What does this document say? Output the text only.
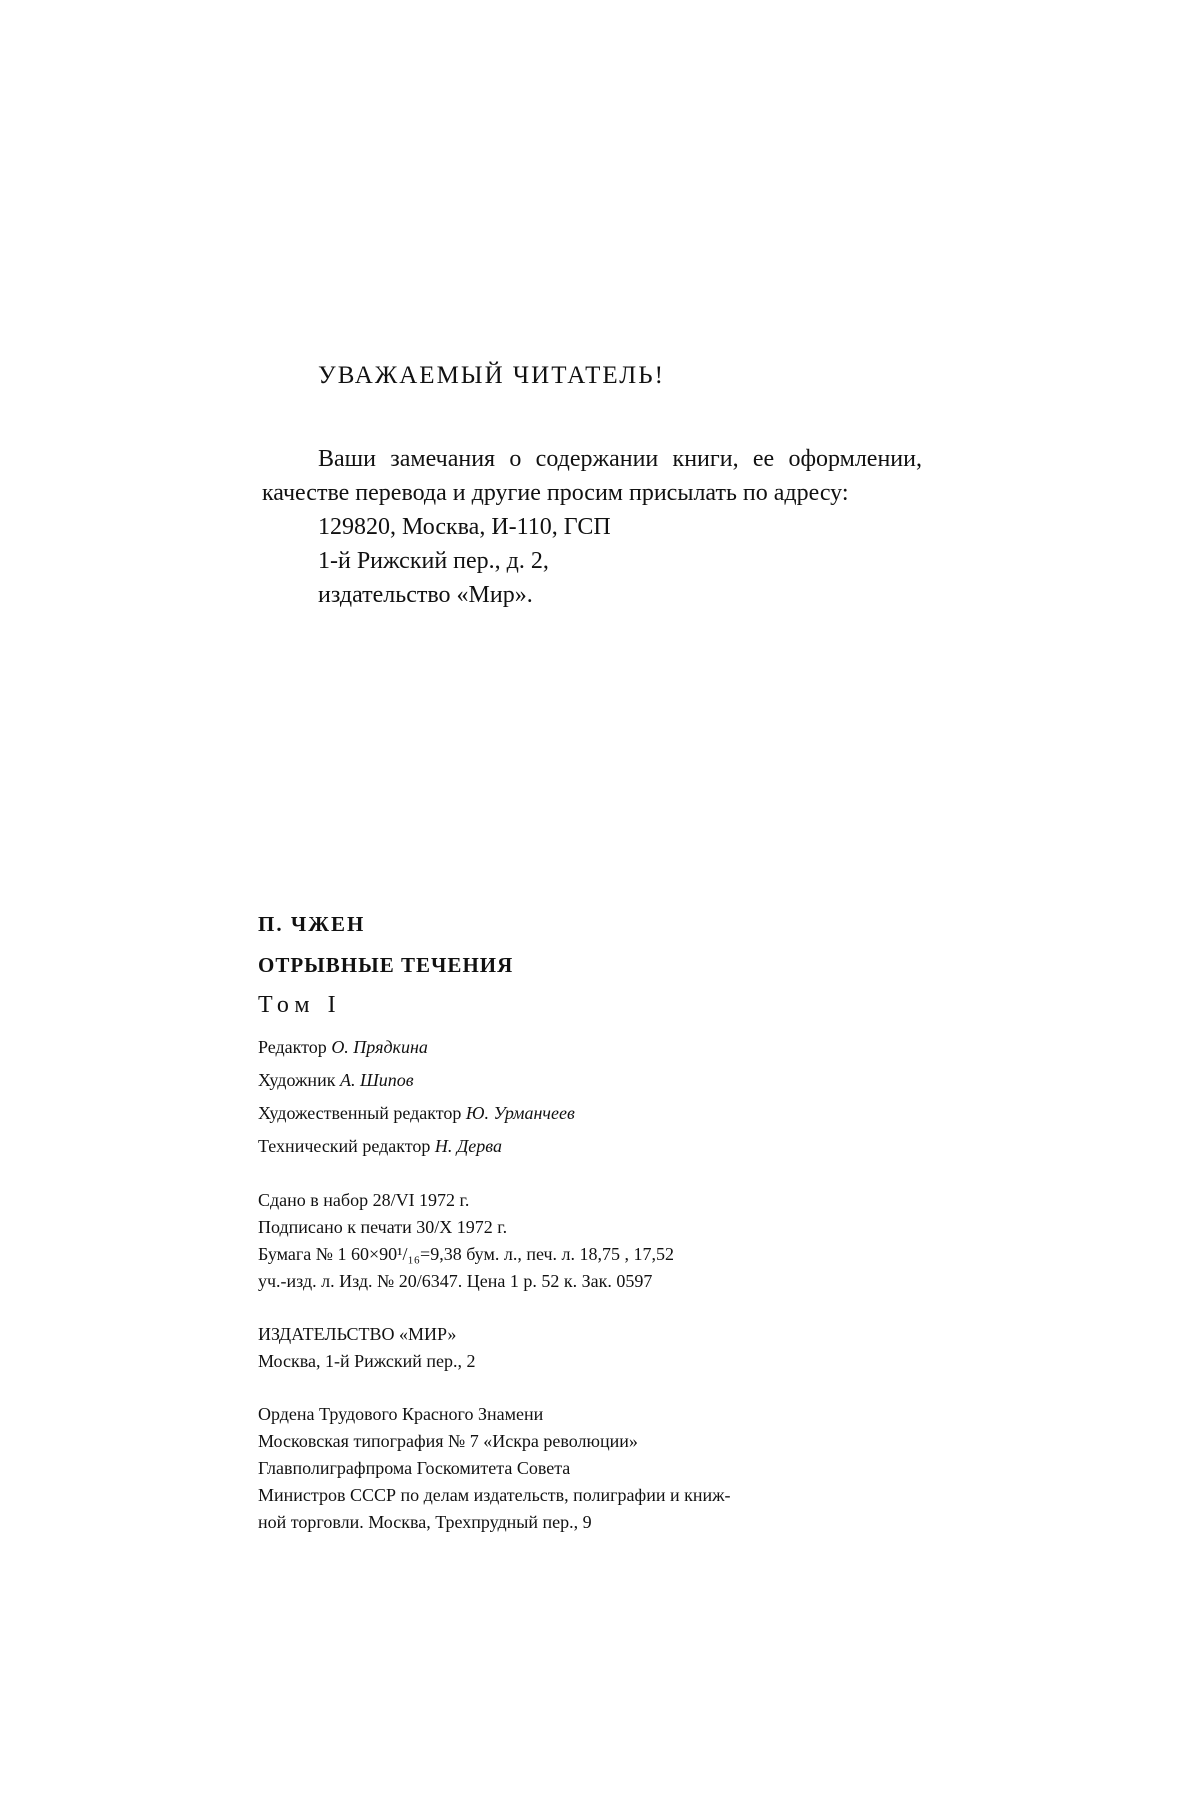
УВАЖАЕМЫЙ ЧИТАТЕЛЬ!

Ваши замечания о содержании книги, ее оформлении, качестве перевода и другие просим присылать по адресу:

129820, Москва, И-110, ГСП

1-й Рижский пер., д. 2,

издательство «Мир».

П. ЧЖЕН
ОТРЫВНЫЕ ТЕЧЕНИЯ
Том I
Редактор О. Прядкина
Художник А. Шипов
Художественный редактор Ю. Урманчеев
Технический редактор Н. Дерва

Сдано в набор 28/VI 1972 г.

Подписано к печати 30/X 1972 г.

Бумага № 1 60×90¹/₁₆=9,38 бум. л., печ. л. 18,75 , 17,52

уч.-изд. л. Изд. № 20/6347. Цена 1 р. 52 к. Зак. 0597

ИЗДАТЕЛЬСТВО «МИР»

Москва, 1-й Рижский пер., 2

Ордена Трудового Красного Знамени

Московская типография № 7 «Искра революции»

Главполиграфпрома Госкомитета Совета

Министров СССР по делам издательств, полиграфии и книж-

ной торговли. Москва, Трехпрудный пер., 9
